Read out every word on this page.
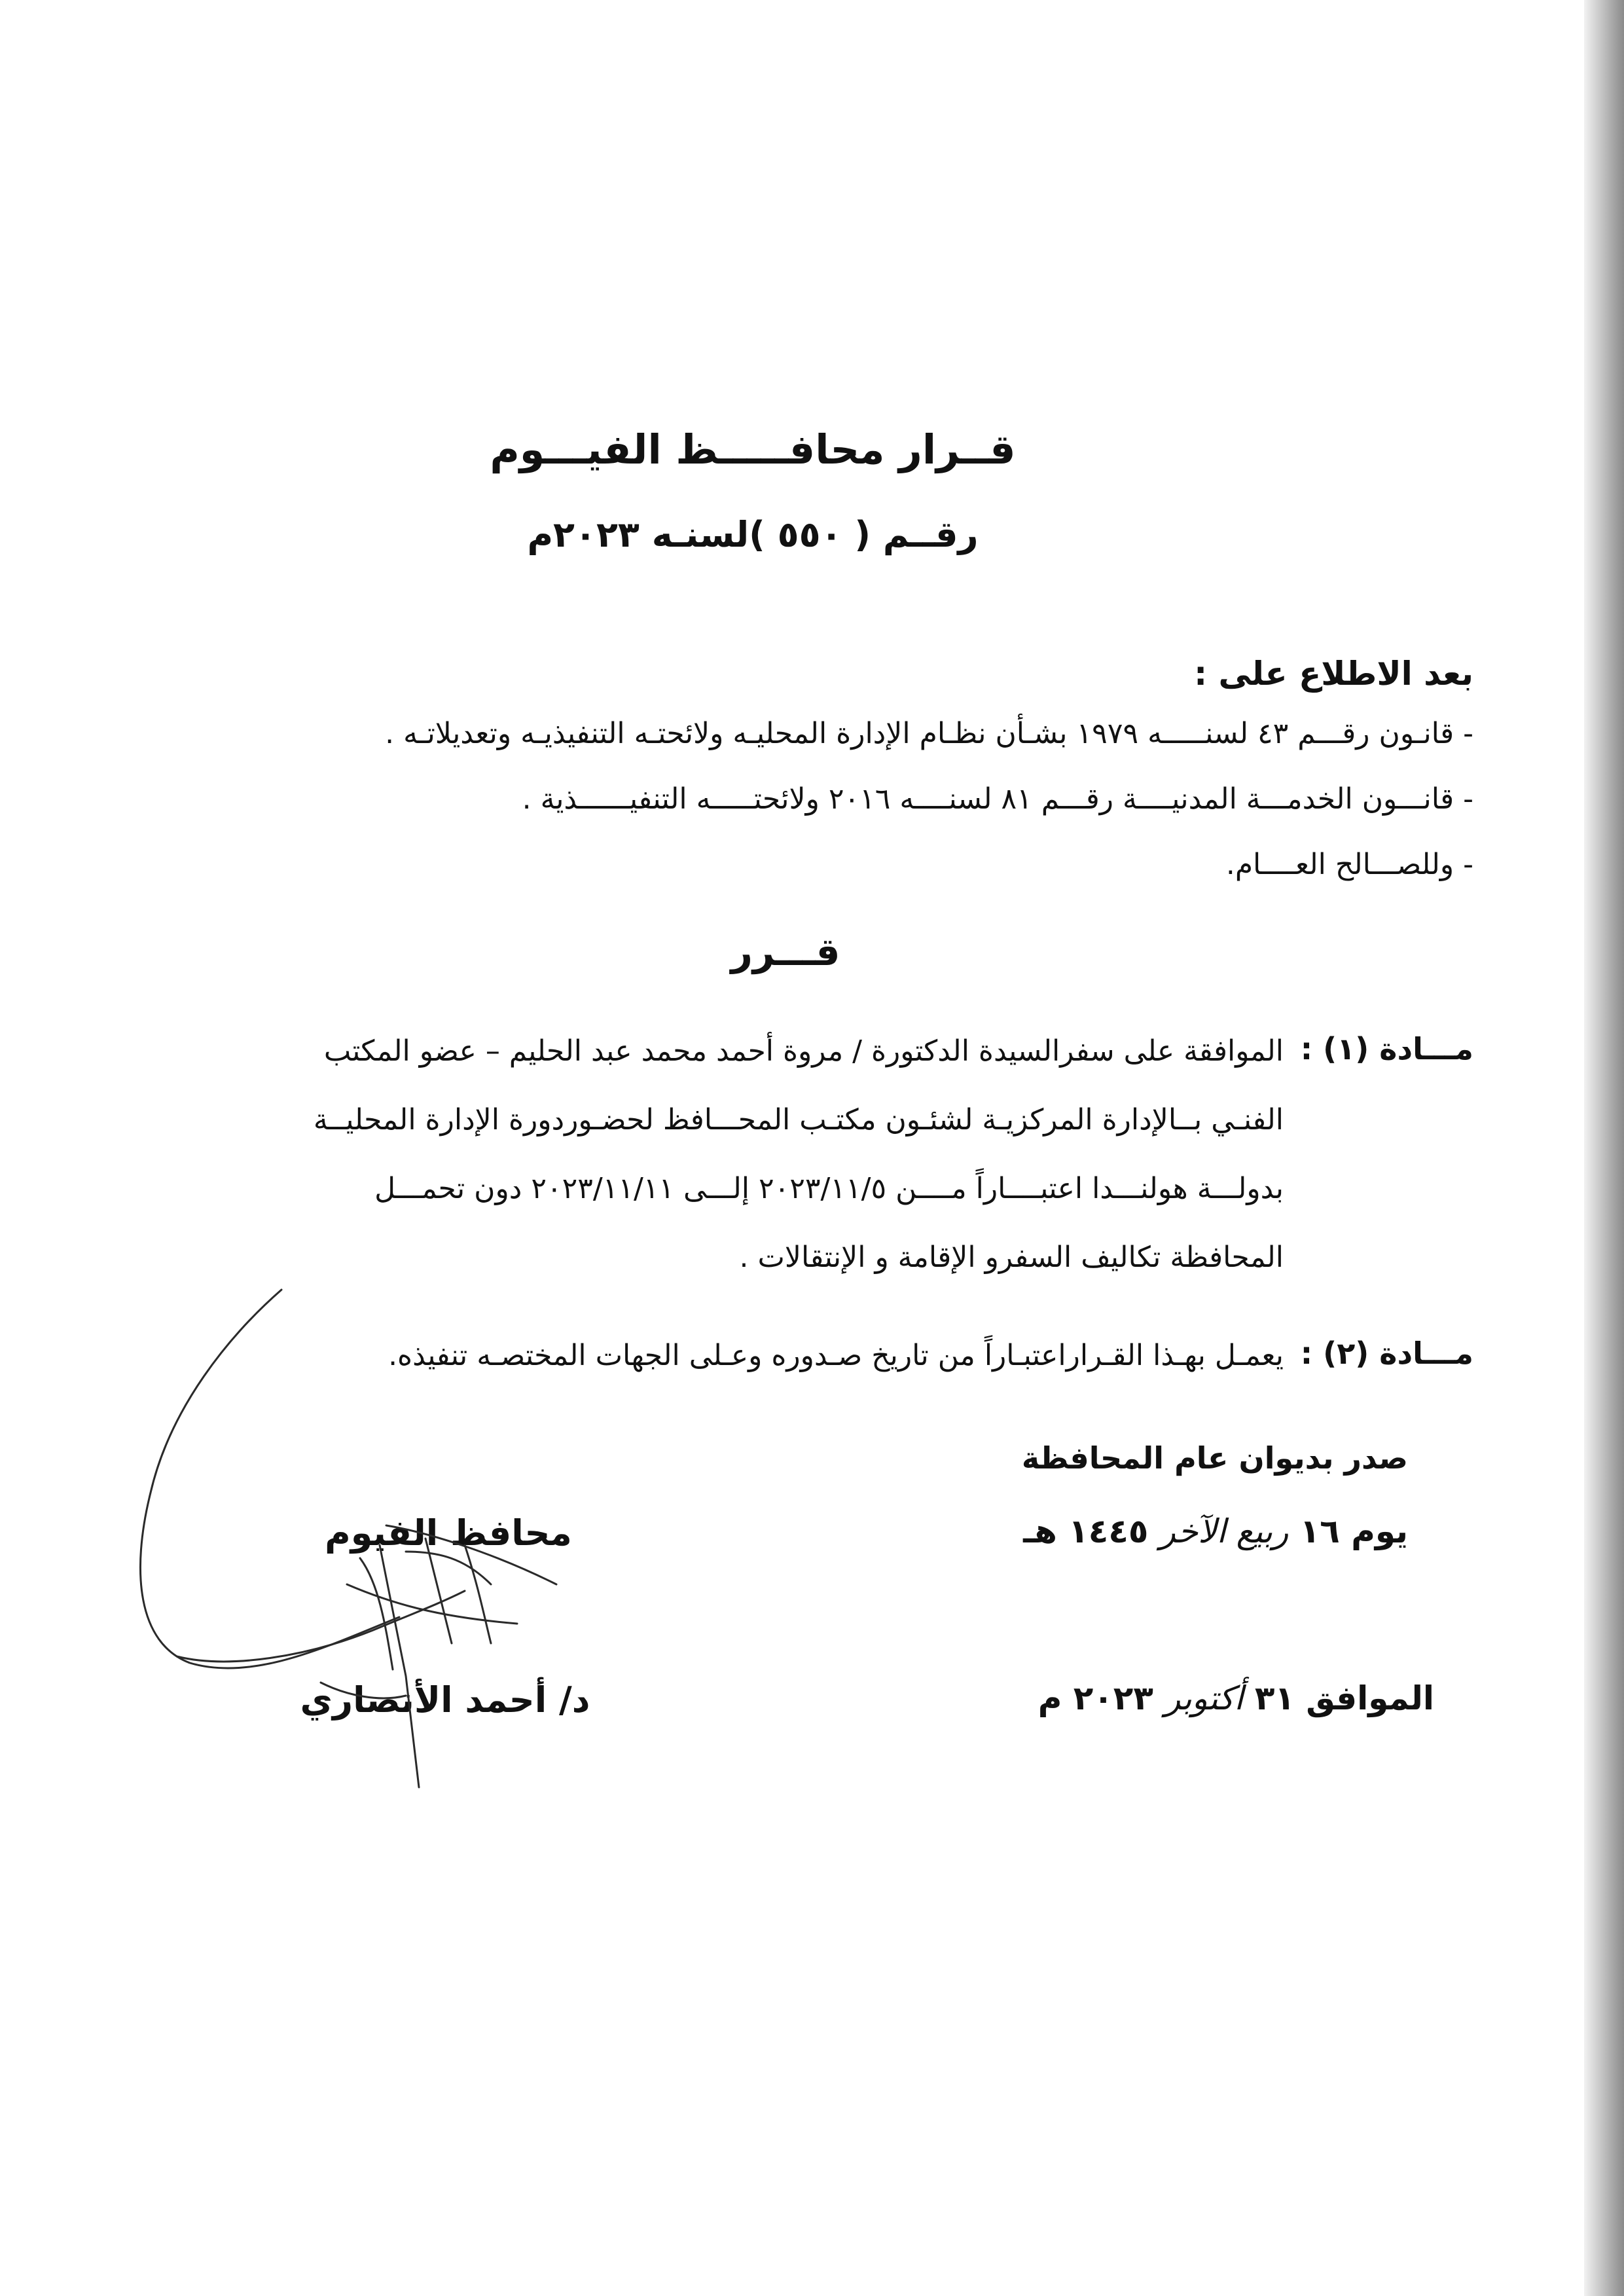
قــرار محافـــــظ الفيـــوم
رقــم ( ٥٥٠ )لسنـه ٢٠٢٣م
بعد الاطلاع على :
- قانـون رقـــم ٤٣ لسنـــــه ١٩٧٩ بشـأن نظـام الإدارة المحليـه ولائحتـه التنفيذيـه وتعديلاتـه .
- قانـــون الخدمـــة المدنيــــة رقـــم ٨١ لسنــــه ٢٠١٦ ولائحتـــــه التنفيــــــذية .
- وللصـــالح العــــام.
قـــرر
مـــادة (١) :
الموافقة على سفرالسيدة الدكتورة / مروة أحمد محمد عبد الحليم – عضو المكتب
الفنـي بــالإدارة المركزيـة لشئـون مكتـب المحـــافظ لحضـوردورة الإدارة المحليــة
بدولـــة هولنـــدا اعتبــــاراً مــــن ٢٠٢٣/١١/٥ إلـــى ٢٠٢٣/١١/١١ دون تحمـــل
المحافظة تكاليف السفرو الإقامة و الإنتقالات .
مـــادة (٢) :
يعمـل بهـذا القـراراعتبـاراً من تاريخ صـدوره وعـلى الجهات المختصـه تنفيذه.
صدر بديوان عام المحافظة
يوم ١٦ ربيع الآخر ١٤٤٥ هـ
الموافق ٣١ أكتوبر ٢٠٢٣ م
محافظ الفيوم
د/ أحمد الأنصاري
